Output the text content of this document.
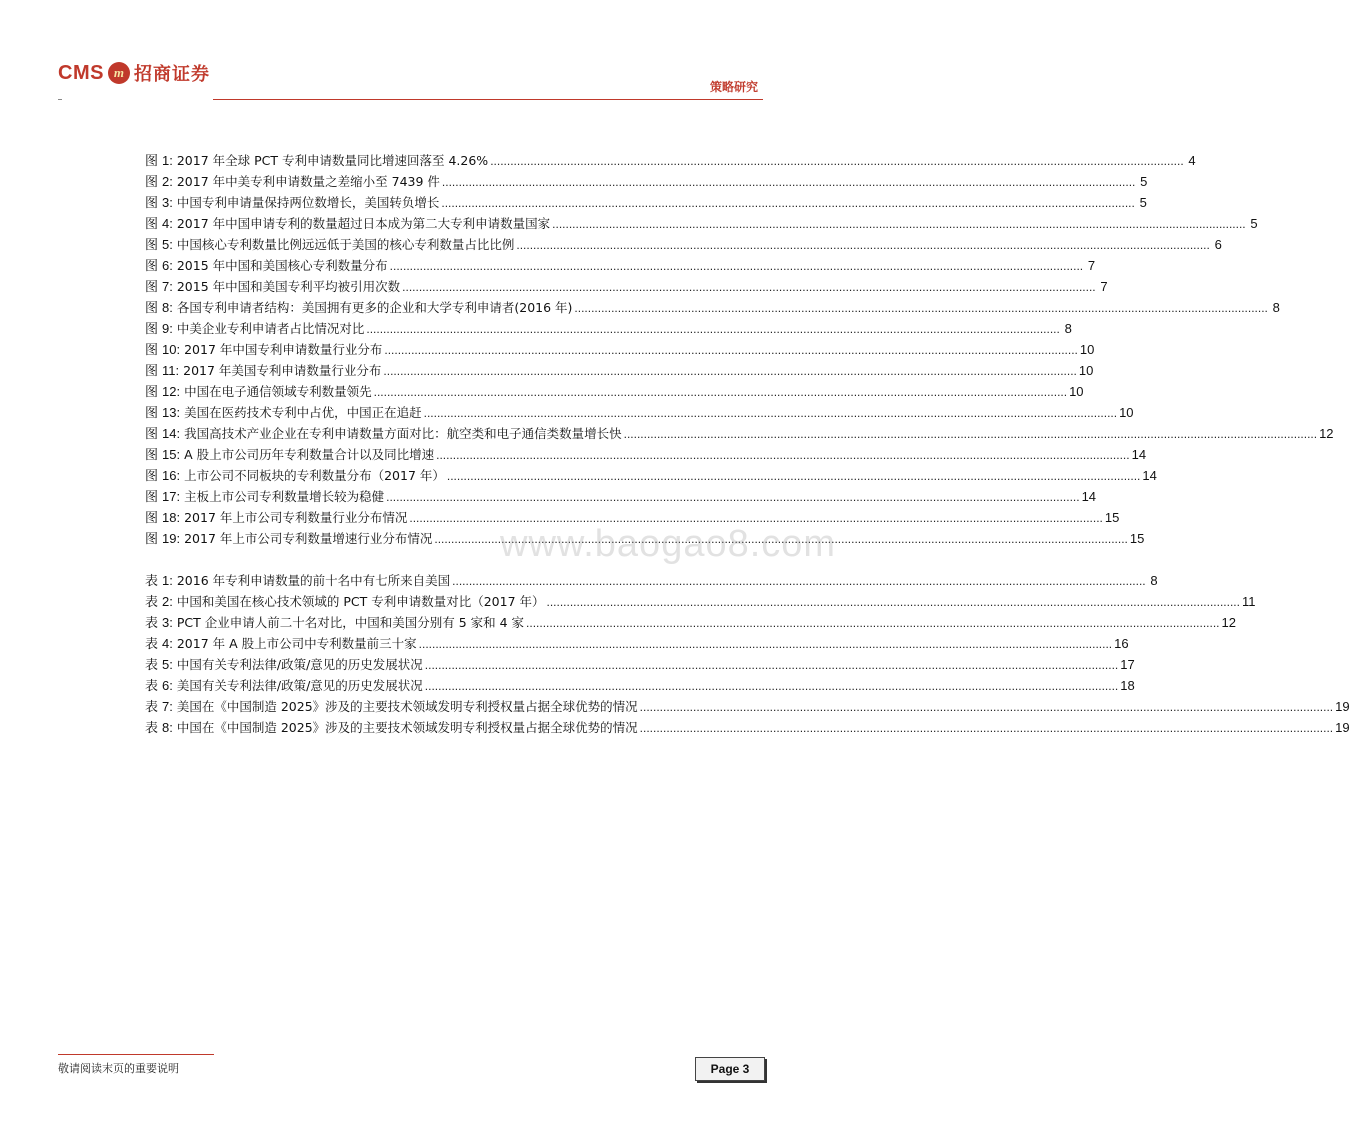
CMS m 招商证券
策略研究
图 1: 2017 年全球 PCT 专利申请数量同比增速回落至 4.26% .....	4
图 2: 2017 年中美专利申请数量之差缩小至 7439 件 .....	5
图 3: 中国专利申请量保持两位数增长，美国转负增长 .....	5
图 4: 2017 年中国申请专利的数量超过日本成为第二大专利申请数量国家 .....	5
图 5: 中国核心专利数量比例远远低于美国的核心专利数量占比比例 .....	6
图 6: 2015 年中国和美国核心专利数量分布 .....	7
图 7: 2015 年中国和美国专利平均被引用次数 .....	7
图 8: 各国专利申请者结构：美国拥有更多的企业和大学专利申请者(2016 年) .....	8
图 9: 中美企业专利申请者占比情况对比 .....	8
图 10: 2017 年中国专利申请数量行业分布 .....	10
图 11: 2017 年美国专利申请数量行业分布 .....	10
图 12: 中国在电子通信领域专利数量领先 .....	10
图 13: 美国在医药技术专利中占优，中国正在追赶 .....	10
图 14: 我国高技术产业企业在专利申请数量方面对比：航空类和电子通信类数量增长快 .....	12
图 15: A 股上市公司历年专利数量合计以及同比增速 .....	14
图 16: 上市公司不同板块的专利数量分布（2017 年） .....	14
图 17: 主板上市公司专利数量增长较为稳健 .....	14
图 18: 2017 年上市公司专利数量行业分布情况 .....	15
图 19: 2017 年上市公司专利数量增速行业分布情况 .....	15
表 1: 2016 年专利申请数量的前十名中有七所来自美国 .....	8
表 2: 中国和美国在核心技术领域的 PCT 专利申请数量对比（2017 年） .....	11
表 3: PCT 企业申请人前二十名对比，中国和美国分别有 5 家和 4 家 .....	12
表 4: 2017 年 A 股上市公司中专利数量前三十家 .....	16
表 5: 中国有关专利法律/政策/意见的历史发展状况 .....	17
表 6: 美国有关专利法律/政策/意见的历史发展状况 .....	18
表 7: 美国在《中国制造 2025》涉及的主要技术领域发明专利授权量占据全球优势的情况 .....	19
表 8: 中国在《中国制造 2025》涉及的主要技术领域发明专利授权量占据全球优势的情况 .....	19
www.baogao8.com
敬请阅读末页的重要说明	Page 3
